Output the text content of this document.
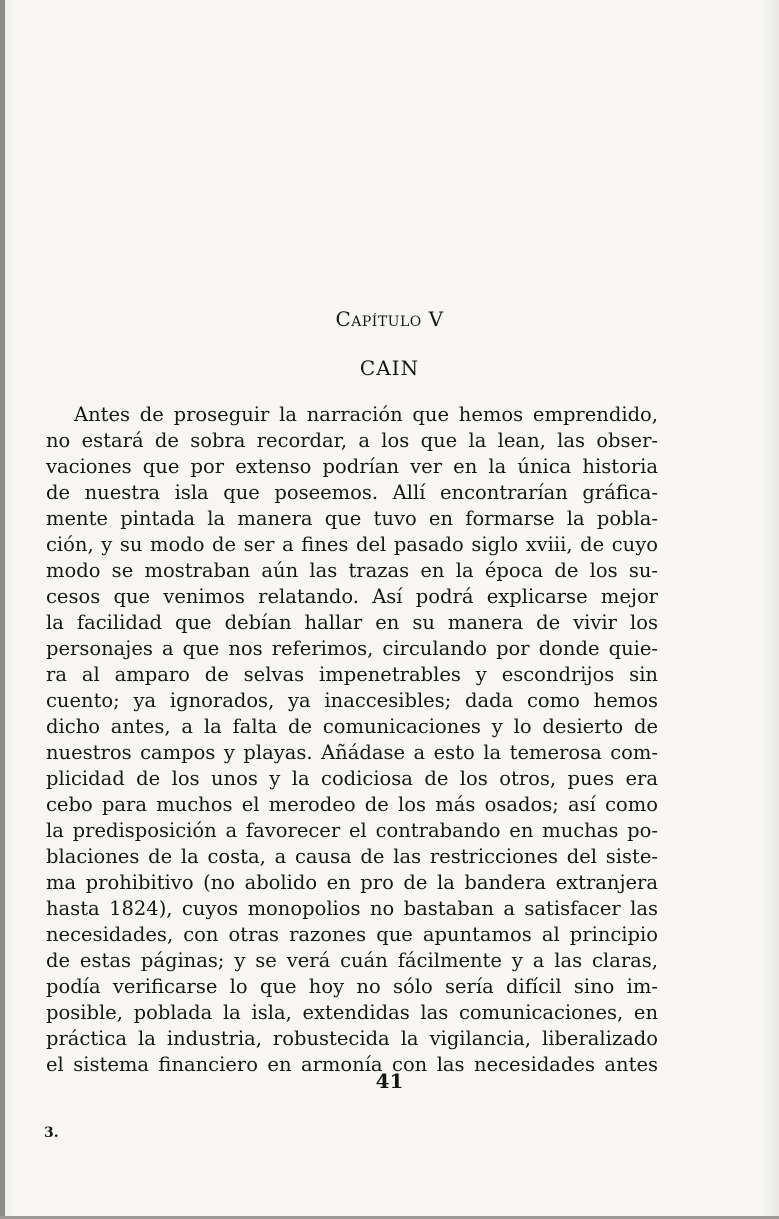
Capítulo V
CAIN
Antes de proseguir la narración que hemos emprendido,
no estará de sobra recordar, a los que la lean, las obser-
vaciones que por extenso podrían ver en la única historia
de nuestra isla que poseemos. Allí encontrarían gráfica-
mente pintada la manera que tuvo en formarse la pobla-
ción, y su modo de ser a fines del pasado siglo xviii, de cuyo
modo se mostraban aún las trazas en la época de los su-
cesos que venimos relatando. Así podrá explicarse mejor
la facilidad que debían hallar en su manera de vivir los
personajes a que nos referimos, circulando por donde quie-
ra al amparo de selvas impenetrables y escondrijos sin
cuento; ya ignorados, ya inaccesibles; dada como hemos
dicho antes, a la falta de comunicaciones y lo desierto de
nuestros campos y playas. Añádase a esto la temerosa com-
plicidad de los unos y la codiciosa de los otros, pues era
cebo para muchos el merodeo de los más osados; así como
la predisposición a favorecer el contrabando en muchas po-
blaciones de la costa, a causa de las restricciones del siste-
ma prohibitivo (no abolido en pro de la bandera extranjera
hasta 1824), cuyos monopolios no bastaban a satisfacer las
necesidades, con otras razones que apuntamos al principio
de estas páginas; y se verá cuán fácilmente y a las claras,
podía verificarse lo que hoy no sólo sería difícil sino im-
posible, poblada la isla, extendidas las comunicaciones, en
práctica la industria, robustecida la vigilancia, liberalizado
el sistema financiero en armonía con las necesidades antes
41
3.
